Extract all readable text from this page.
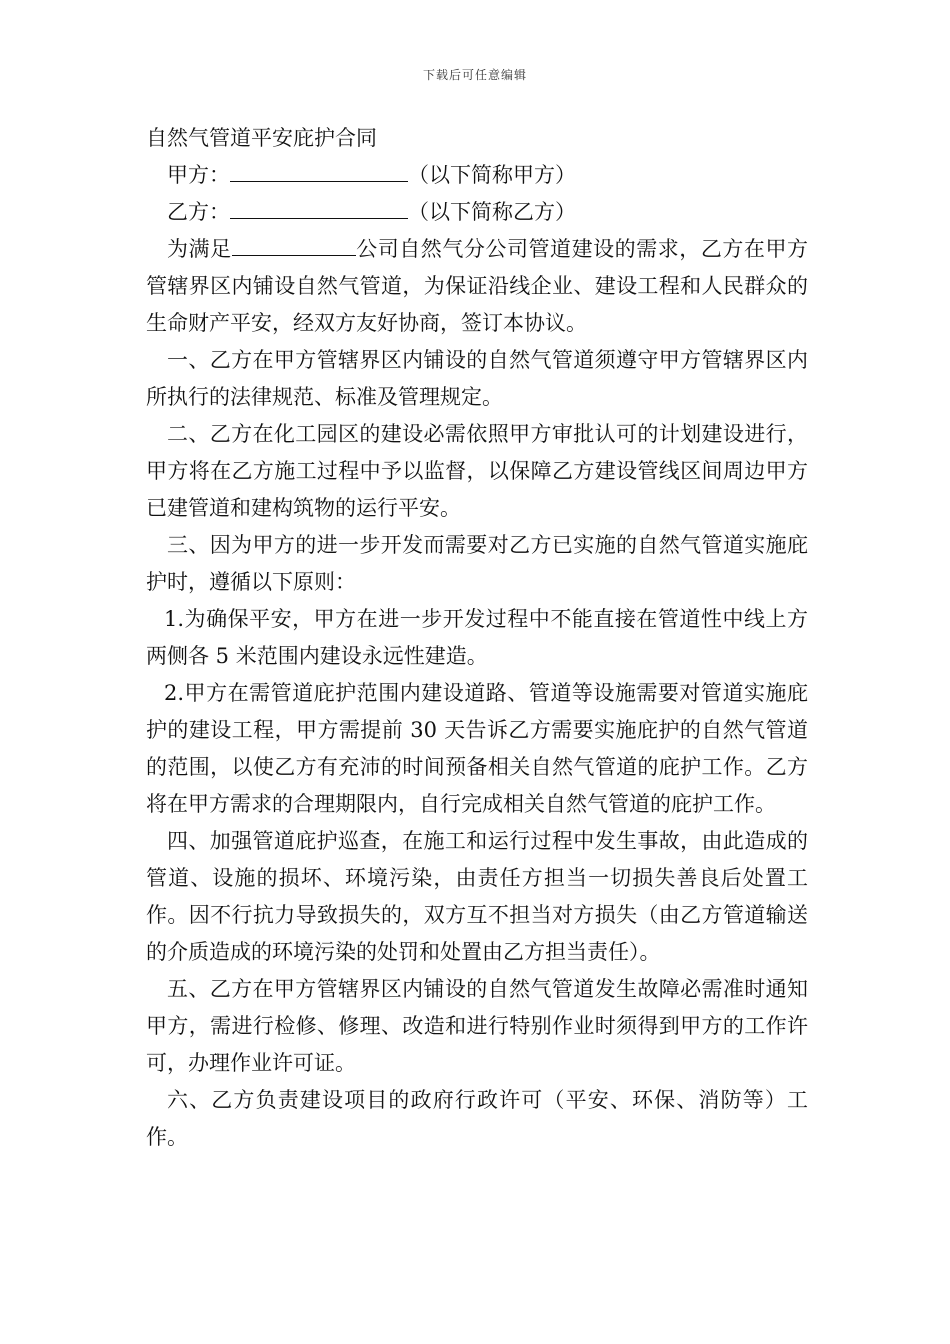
下载后可任意编辑
自然气管道平安庇护合同

甲方：	（以下简称甲方）

乙方：	（以下简称乙方）

为满足	公司自然气分公司管道建设的需求，乙方在甲方管辖界区内铺设自然气管道，为保证沿线企业、建设工程和人民群众的生命财产平安，经双方友好协商，签订本协议。

一、乙方在甲方管辖界区内铺设的自然气管道须遵守甲方管辖界区内所执行的法律规范、标准及管理规定。

二、乙方在化工园区的建设必需依照甲方审批认可的计划建设进行，甲方将在乙方施工过程中予以监督，以保障乙方建设管线区间周边甲方已建管道和建构筑物的运行平安。

三、因为甲方的进一步开发而需要对乙方已实施的自然气管道实施庇护时，遵循以下原则：

1.为确保平安，甲方在进一步开发过程中不能直接在管道性中线上方两侧各 5 米范围内建设永远性建造。

2.甲方在需管道庇护范围内建设道路、管道等设施需要对管道实施庇护的建设工程，甲方需提前 30 天告诉乙方需要实施庇护的自然气管道的范围，以使乙方有充沛的时间预备相关自然气管道的庇护工作。乙方将在甲方需求的合理期限内，自行完成相关自然气管道的庇护工作。

四、加强管道庇护巡查，在施工和运行过程中发生事故，由此造成的管道、设施的损坏、环境污染，由责任方担当一切损失善良后处置工作。因不行抗力导致损失的，双方互不担当对方损失（由乙方管道输送的介质造成的环境污染的处罚和处置由乙方担当责任）。

五、乙方在甲方管辖界区内铺设的自然气管道发生故障必需准时通知甲方，需进行检修、修理、改造和进行特别作业时须得到甲方的工作许可，办理作业许可证。

六、乙方负责建设项目的政府行政许可（平安、环保、消防等）工作。
